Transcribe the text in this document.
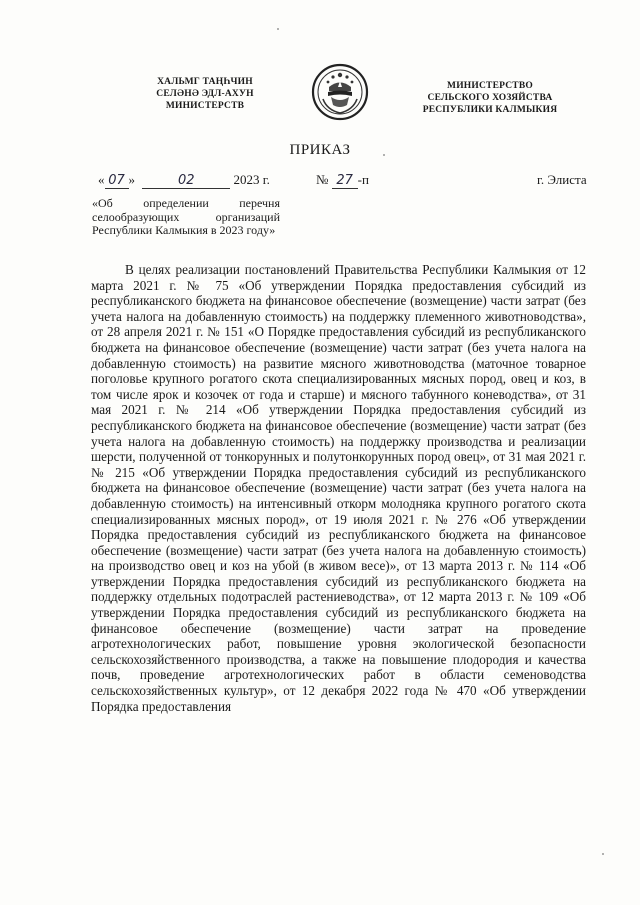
ХАЛЬМГ ТАҢҺЧИН
СЕЛӘНӘ ЭДЛ-АХУН
МИНИСТЕРСТВ
МИНИСТЕРСТВО
СЕЛЬСКОГО ХОЗЯЙСТВА
РЕСПУБЛИКИ КАЛМЫКИЯ
ПРИКАЗ
« 07 »	02	2023 г.	№ 27 -п	г. Элиста
«Об определении перечня селообразующих организаций Республики Калмыкия в 2023 году»

В целях реализации постановлений Правительства Республики Калмыкия от 12 марта 2021 г. № 75 «Об утверждении Порядка предоставления субсидий из республиканского бюджета на финансовое обеспечение (возмещение) части затрат (без учета налога на добавленную стоимость) на поддержку племенного животноводства», от 28 апреля 2021 г. № 151 «О Порядке предоставления субсидий из республиканского бюджета на финансовое обеспечение (возмещение) части затрат (без учета налога на добавленную стоимость) на развитие мясного животноводства (маточное товарное поголовье крупного рогатого скота специализированных мясных пород, овец и коз, в том числе ярок и козочек от года и старше) и мясного табунного коневодства», от 31 мая 2021 г. № 214 «Об утверждении Порядка предоставления субсидий из республиканского бюджета на финансовое обеспечение (возмещение) части затрат (без учета налога на добавленную стоимость) на поддержку производства и реализации шерсти, полученной от тонкорунных и полутонкорунных пород овец», от 31 мая 2021 г. № 215 «Об утверждении Порядка предоставления субсидий из республиканского бюджета на финансовое обеспечение (возмещение) части затрат (без учета налога на добавленную стоимость) на интенсивный откорм молодняка крупного рогатого скота специализированных мясных пород», от 19 июля 2021 г. № 276 «Об утверждении Порядка предоставления субсидий из республиканского бюджета на финансовое обеспечение (возмещение) части затрат (без учета налога на добавленную стоимость) на производство овец и коз на убой (в живом весе)», от 13 марта 2013 г. № 114 «Об утверждении Порядка предоставления субсидий из республиканского бюджета на поддержку отдельных подотраслей растениеводства», от 12 марта 2013 г. № 109 «Об утверждении Порядка предоставления субсидий из республиканского бюджета на финансовое обеспечение (возмещение) части затрат на проведение агротехнологических работ, повышение уровня экологической безопасности сельскохозяйственного производства, а также на повышение плодородия и качества почв, проведение агротехнологических работ в области семеноводства сельскохозяйственных культур», от 12 декабря 2022 года № 470 «Об утверждении Порядка предоставления
